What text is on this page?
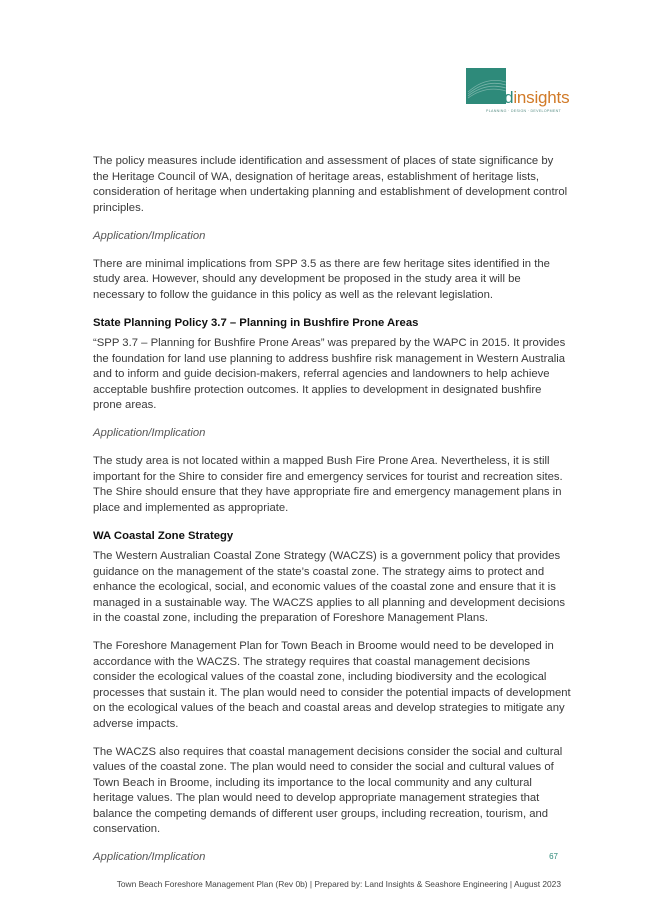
landinsights
PLANNING · DESIGN · DEVELOPMENT

The policy measures include identification and assessment of places of state significance by the Heritage Council of WA, designation of heritage areas, establishment of heritage lists, consideration of heritage when undertaking planning and establishment of development control principles.

Application/Implication

There are minimal implications from SPP 3.5 as there are few heritage sites identified in the study area. However, should any development be proposed in the study area it will be necessary to follow the guidance in this policy as well as the relevant legislation.

State Planning Policy 3.7 – Planning in Bushfire Prone Areas

“SPP 3.7 – Planning for Bushfire Prone Areas” was prepared by the WAPC in 2015. It provides the foundation for land use planning to address bushfire risk management in Western Australia and to inform and guide decision-makers, referral agencies and landowners to help achieve acceptable bushfire protection outcomes. It applies to development in designated bushfire prone areas.

Application/Implication

The study area is not located within a mapped Bush Fire Prone Area. Nevertheless, it is still important for the Shire to consider fire and emergency services for tourist and recreation sites. The Shire should ensure that they have appropriate fire and emergency management plans in place and implemented as appropriate.

WA Coastal Zone Strategy

The Western Australian Coastal Zone Strategy (WACZS) is a government policy that provides guidance on the management of the state’s coastal zone. The strategy aims to protect and enhance the ecological, social, and economic values of the coastal zone and ensure that it is managed in a sustainable way. The WACZS applies to all planning and development decisions in the coastal zone, including the preparation of Foreshore Management Plans.

The Foreshore Management Plan for Town Beach in Broome would need to be developed in accordance with the WACZS. The strategy requires that coastal management decisions consider the ecological values of the coastal zone, including biodiversity and the ecological processes that sustain it. The plan would need to consider the potential impacts of development on the ecological values of the beach and coastal areas and develop strategies to mitigate any adverse impacts.

The WACZS also requires that coastal management decisions consider the social and cultural values of the coastal zone. The plan would need to consider the social and cultural values of Town Beach in Broome, including its importance to the local community and any cultural heritage values. The plan would need to develop appropriate management strategies that balance the competing demands of different user groups, including recreation, tourism, and conservation.

Application/Implication	67
Town Beach Foreshore Management Plan (Rev 0b) | Prepared by: Land Insights & Seashore Engineering | August 2023
